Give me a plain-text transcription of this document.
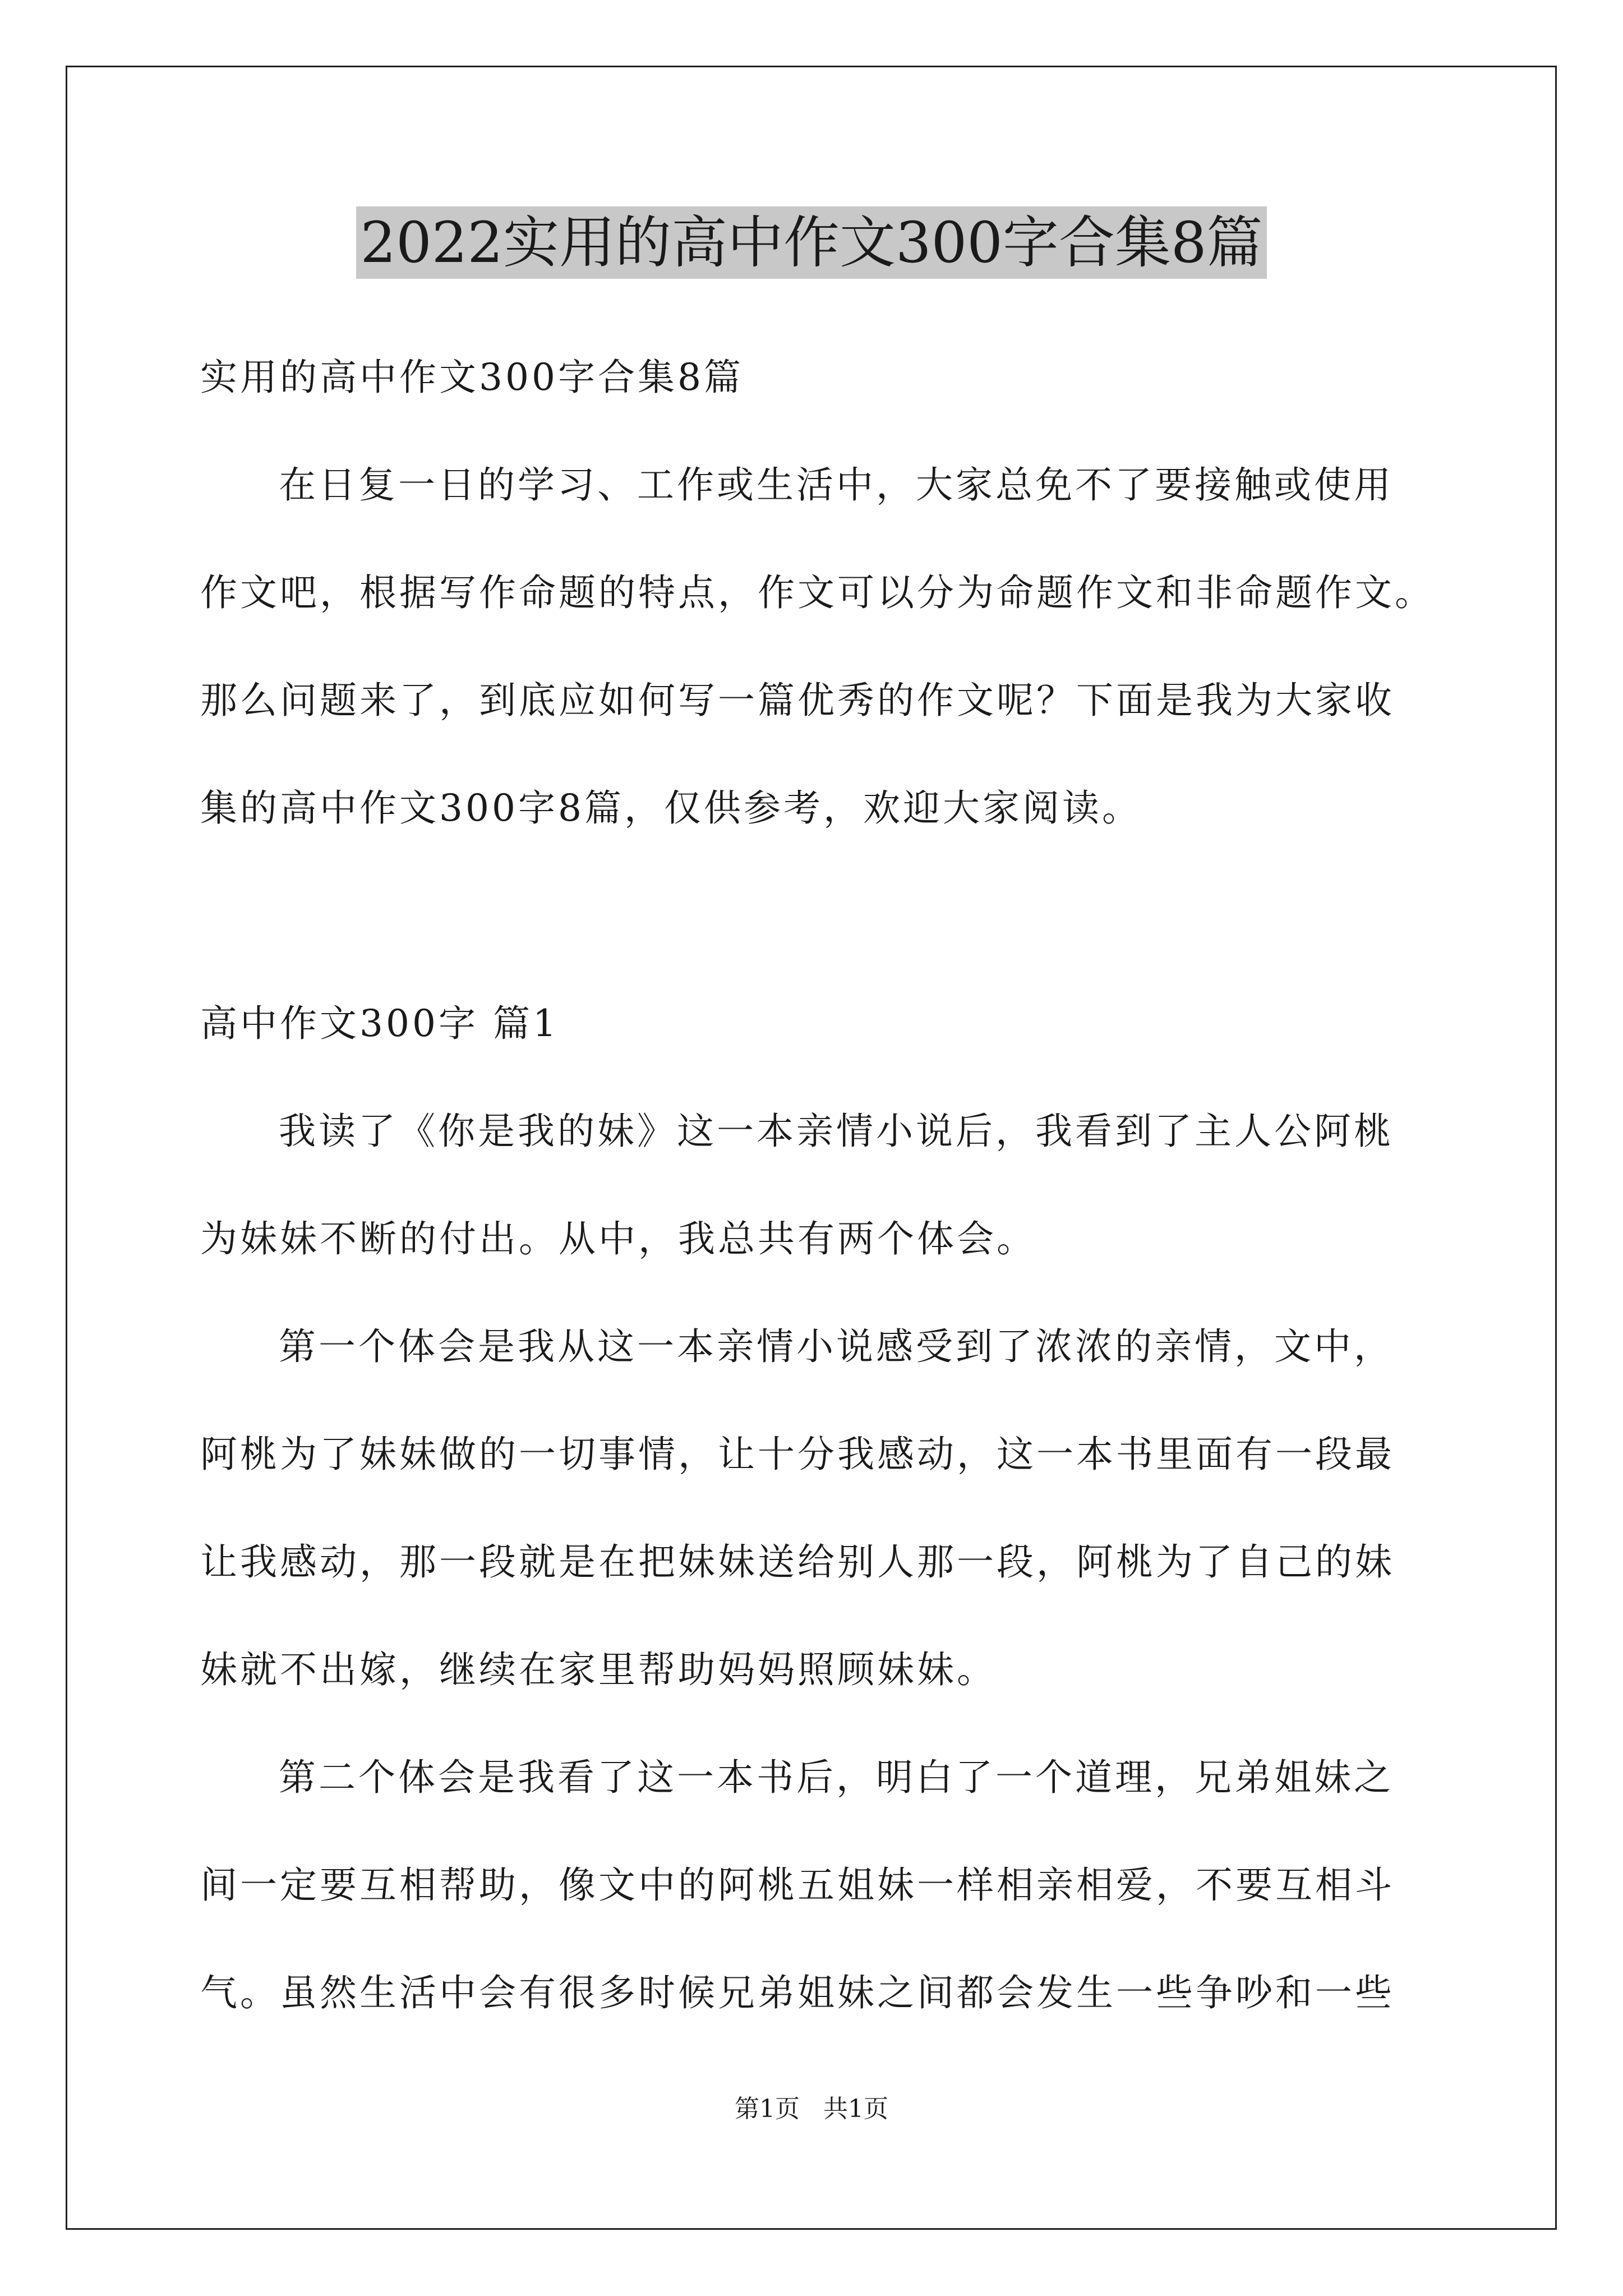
2022实用的高中作文300字合集8篇
实用的高中作文300字合集8篇
在日复一日的学习、工作或生活中，大家总免不了要接触或使用
作文吧，根据写作命题的特点，作文可以分为命题作文和非命题作文。
那么问题来了，到底应如何写一篇优秀的作文呢？下面是我为大家收
集的高中作文300字8篇，仅供参考，欢迎大家阅读。
高中作文300字 篇1
我读了《你是我的妹》这一本亲情小说后，我看到了主人公阿桃
为妹妹不断的付出。从中，我总共有两个体会。
第一个体会是我从这一本亲情小说感受到了浓浓的亲情，文中，
阿桃为了妹妹做的一切事情，让十分我感动，这一本书里面有一段最
让我感动，那一段就是在把妹妹送给别人那一段，阿桃为了自己的妹
妹就不出嫁，继续在家里帮助妈妈照顾妹妹。
第二个体会是我看了这一本书后，明白了一个道理，兄弟姐妹之
间一定要互相帮助，像文中的阿桃五姐妹一样相亲相爱，不要互相斗
气。虽然生活中会有很多时候兄弟姐妹之间都会发生一些争吵和一些
第1页   共1页
